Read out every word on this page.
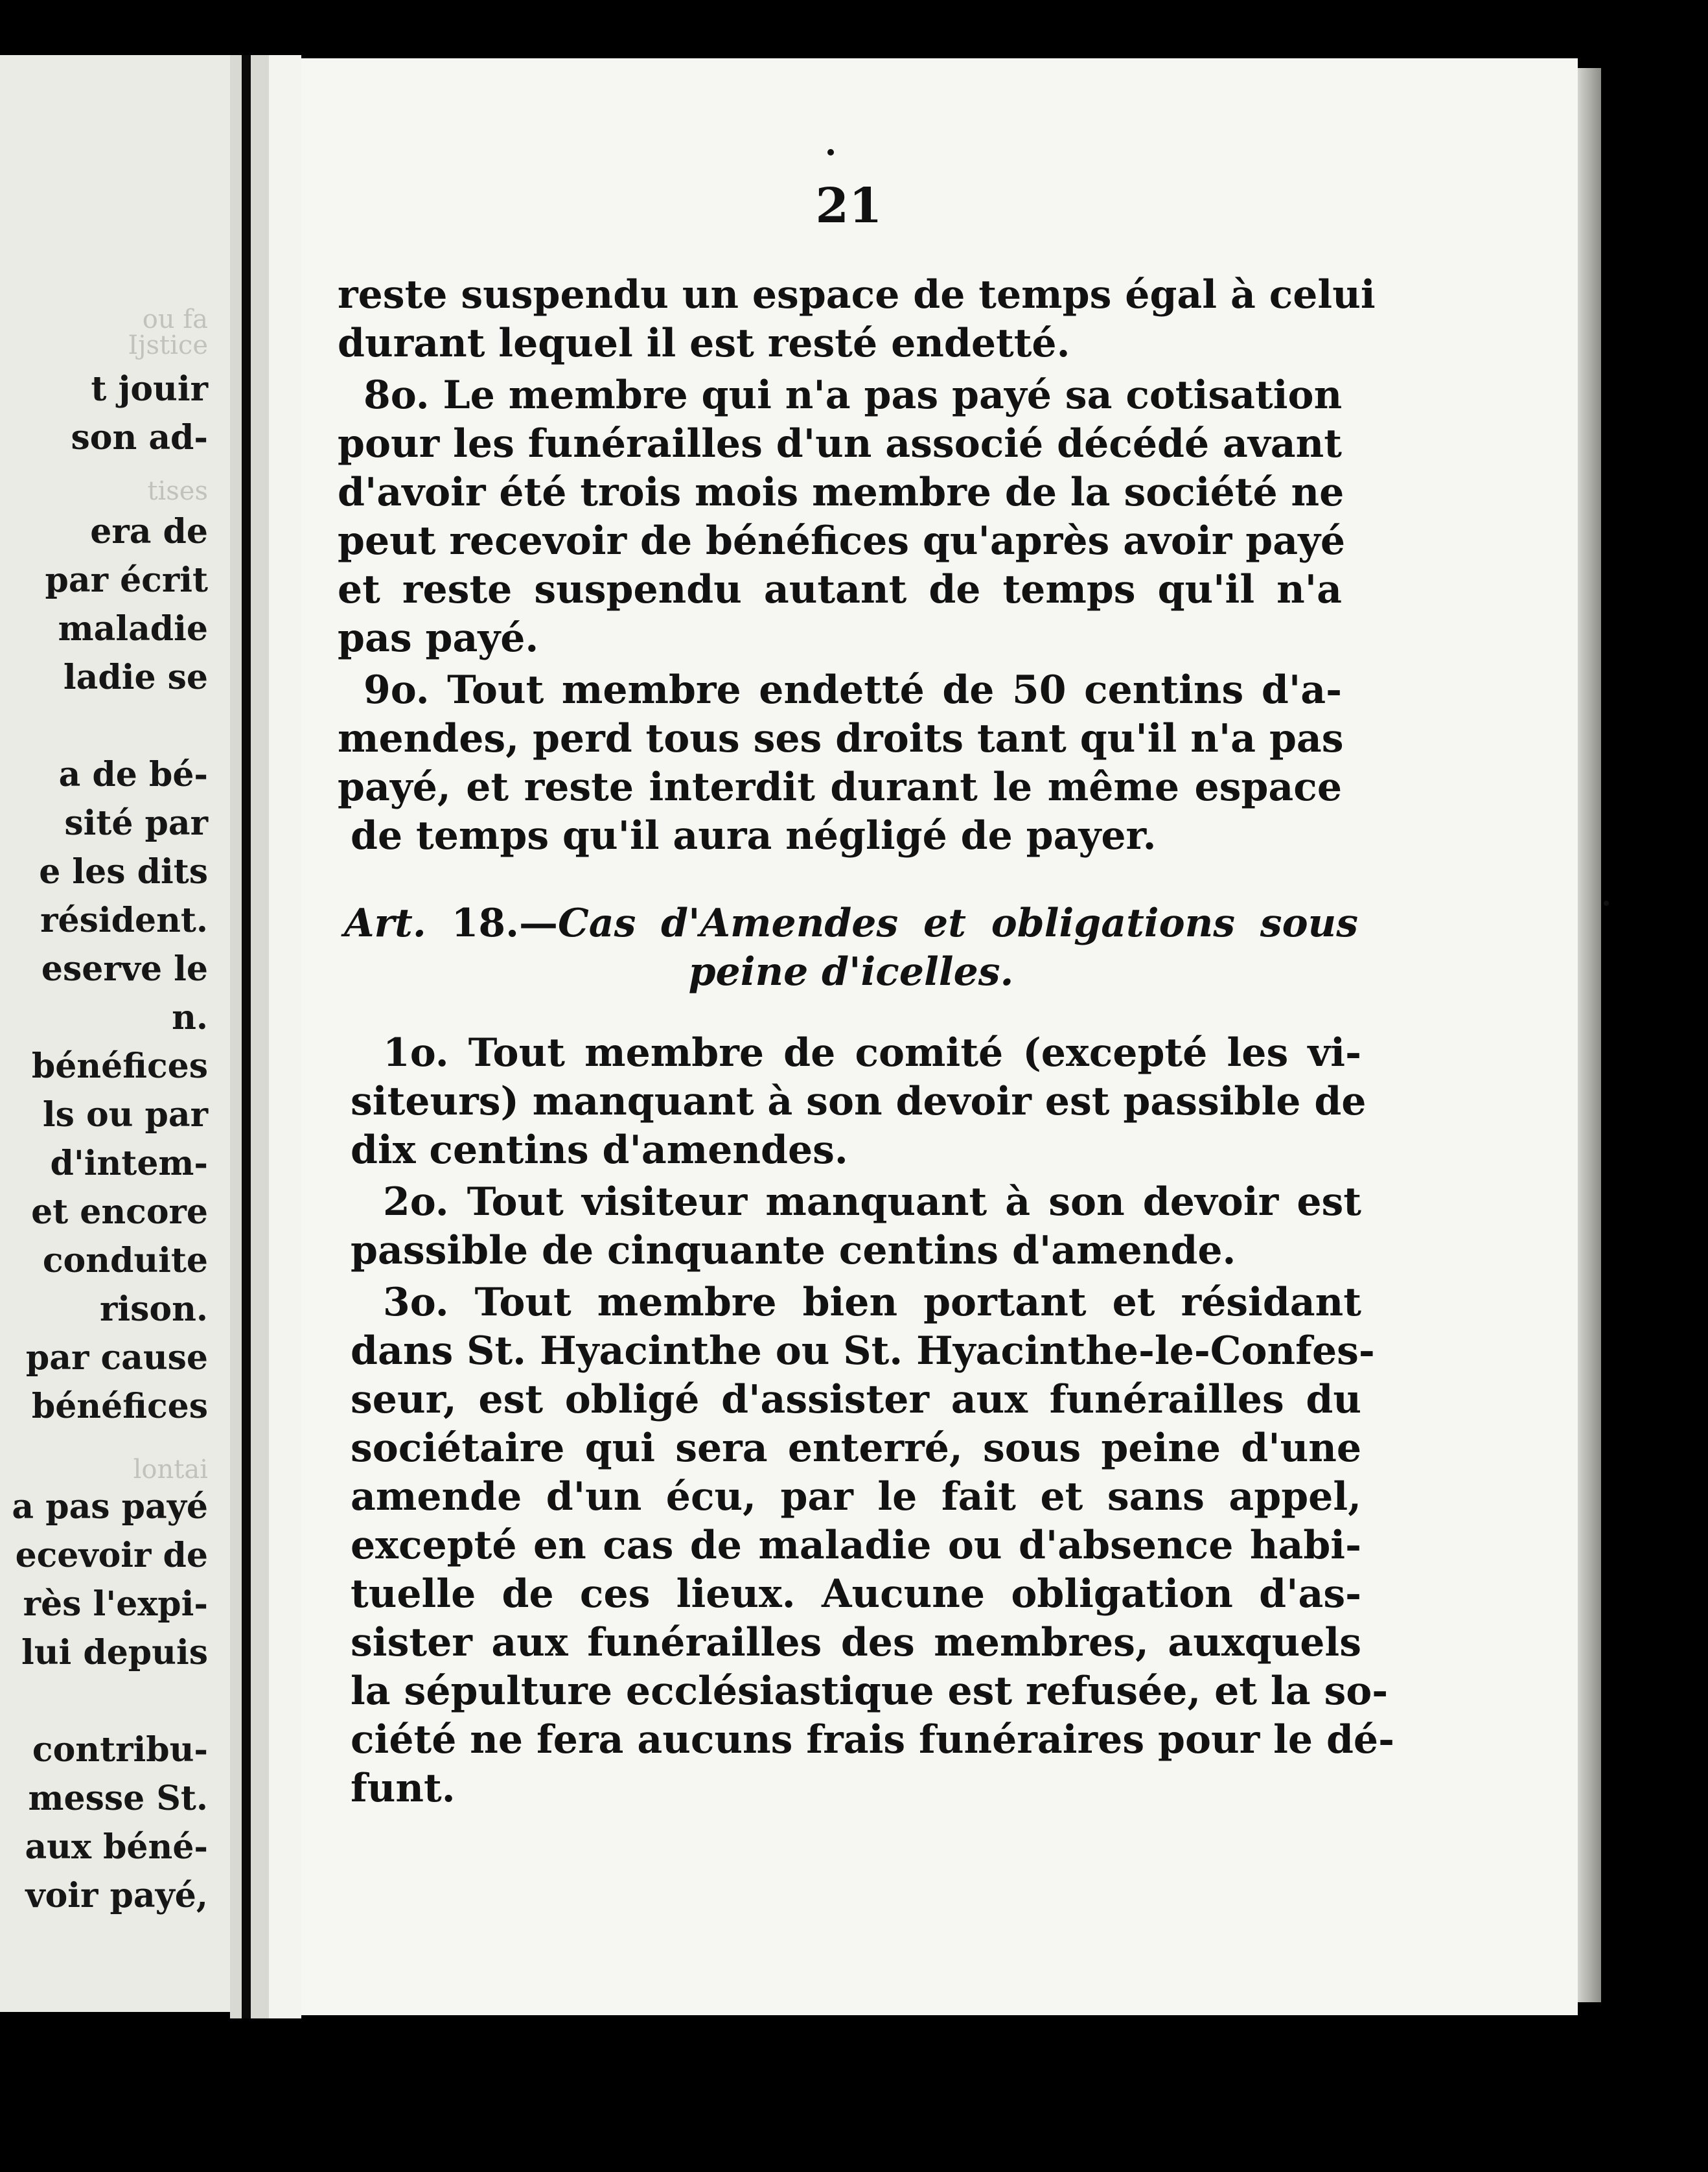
ou fa
Ijstice
t jouir
son ad-
tises
era de
par écrit
maladie
ladie se
a de bé-
sité par
e les dits
résident.
eserve le
n.
bénéfices
ls ou par
d'intem-
et encore
conduite
rison.
par cause
bénéfices
lontai
a pas payé
ecevoir de
rès l'expi-
lui depuis
contribu-
messe St.
aux béné-
voir payé,
21
reste suspendu un espace de temps égal à celui
durant lequel il est resté endetté.
8o. Le membre qui n'a pas payé sa cotisation
pour les funérailles d'un associé décédé avant
d'avoir été trois mois membre de la société ne
peut recevoir de bénéfices qu'après avoir payé
et reste suspendu autant de temps qu'il n'a
pas payé.
9o. Tout membre endetté de 50 centins d'a-
mendes, perd tous ses droits tant qu'il n'a pas
payé, et reste interdit durant le même espace
de temps qu'il aura négligé de payer.
Art. 18.—Cas d'Amendes et obligations sous
peine d'icelles.
1o. Tout membre de comité (excepté les vi-
siteurs) manquant à son devoir est passible de
dix centins d'amendes.
2o. Tout visiteur manquant à son devoir est
passible de cinquante centins d'amende.
3o. Tout membre bien portant et résidant
dans St. Hyacinthe ou St. Hyacinthe-le-Confes-
seur, est obligé d'assister aux funérailles du
sociétaire qui sera enterré, sous peine d'une
amende d'un écu, par le fait et sans appel,
excepté en cas de maladie ou d'absence habi-
tuelle de ces lieux. Aucune obligation d'as-
sister aux funérailles des membres, auxquels
la sépulture ecclésiastique est refusée, et la so-
ciété ne fera aucuns frais funéraires pour le dé-
funt.
